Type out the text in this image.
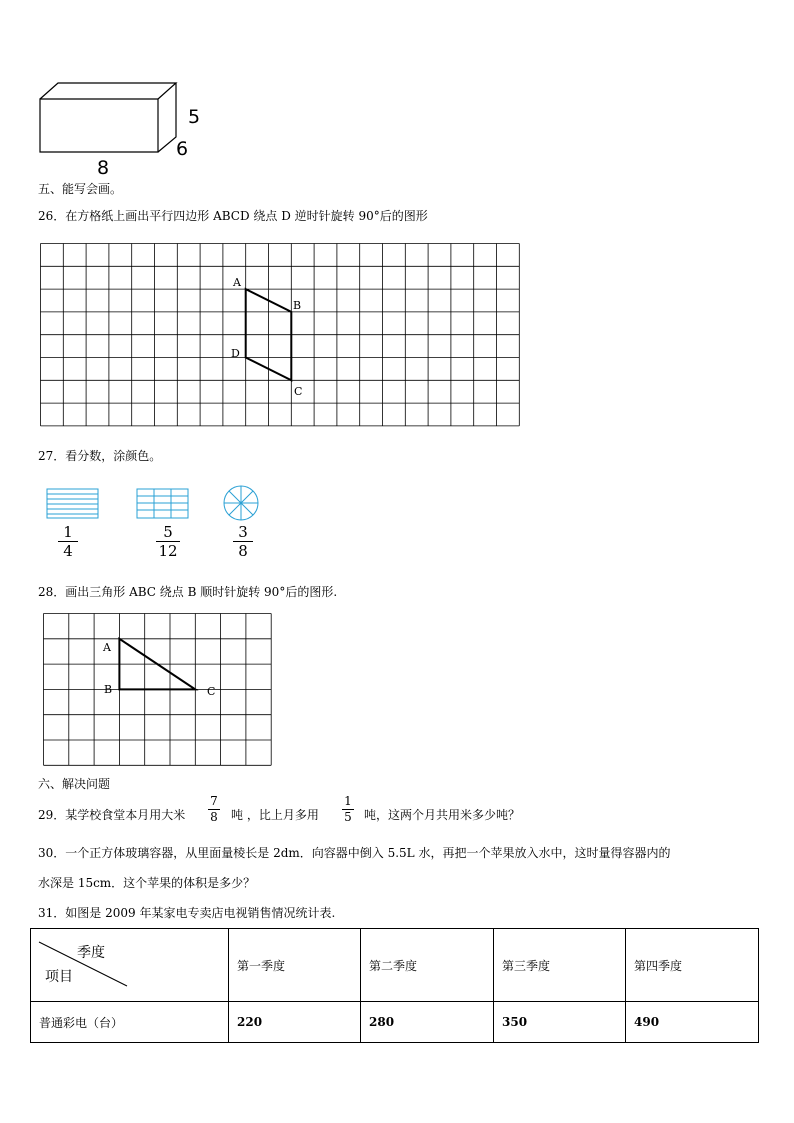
5
6
8
五、能写会画。
26．在方格纸上画出平行四边形 ABCD 绕点 D 逆时针旋转 90°后的图形
A
B
D
C
27．看分数，涂颜色。
1
4
5
12
3
8
28．画出三角形 ABC 绕点 B 顺时针旋转 90°后的图形.
A
B	C
六、解决问题
29．某学校食堂本月用大米
7
8 吨 ，比上月多用
1
5 吨，这两个月共用米多少吨？
30．一个正方体玻璃容器，从里面量棱长是 2dm．向容器中倒入 5.5L 水，再把一个苹果放入水中，这时量得容器内的
水深是 15cm．这个苹果的体积是多少？
31．如图是 2009 年某家电专卖店电视销售情况统计表.
季度
项目	第一季度	第二季度	第三季度	第四季度
普通彩电（台）	220	280	350	490
